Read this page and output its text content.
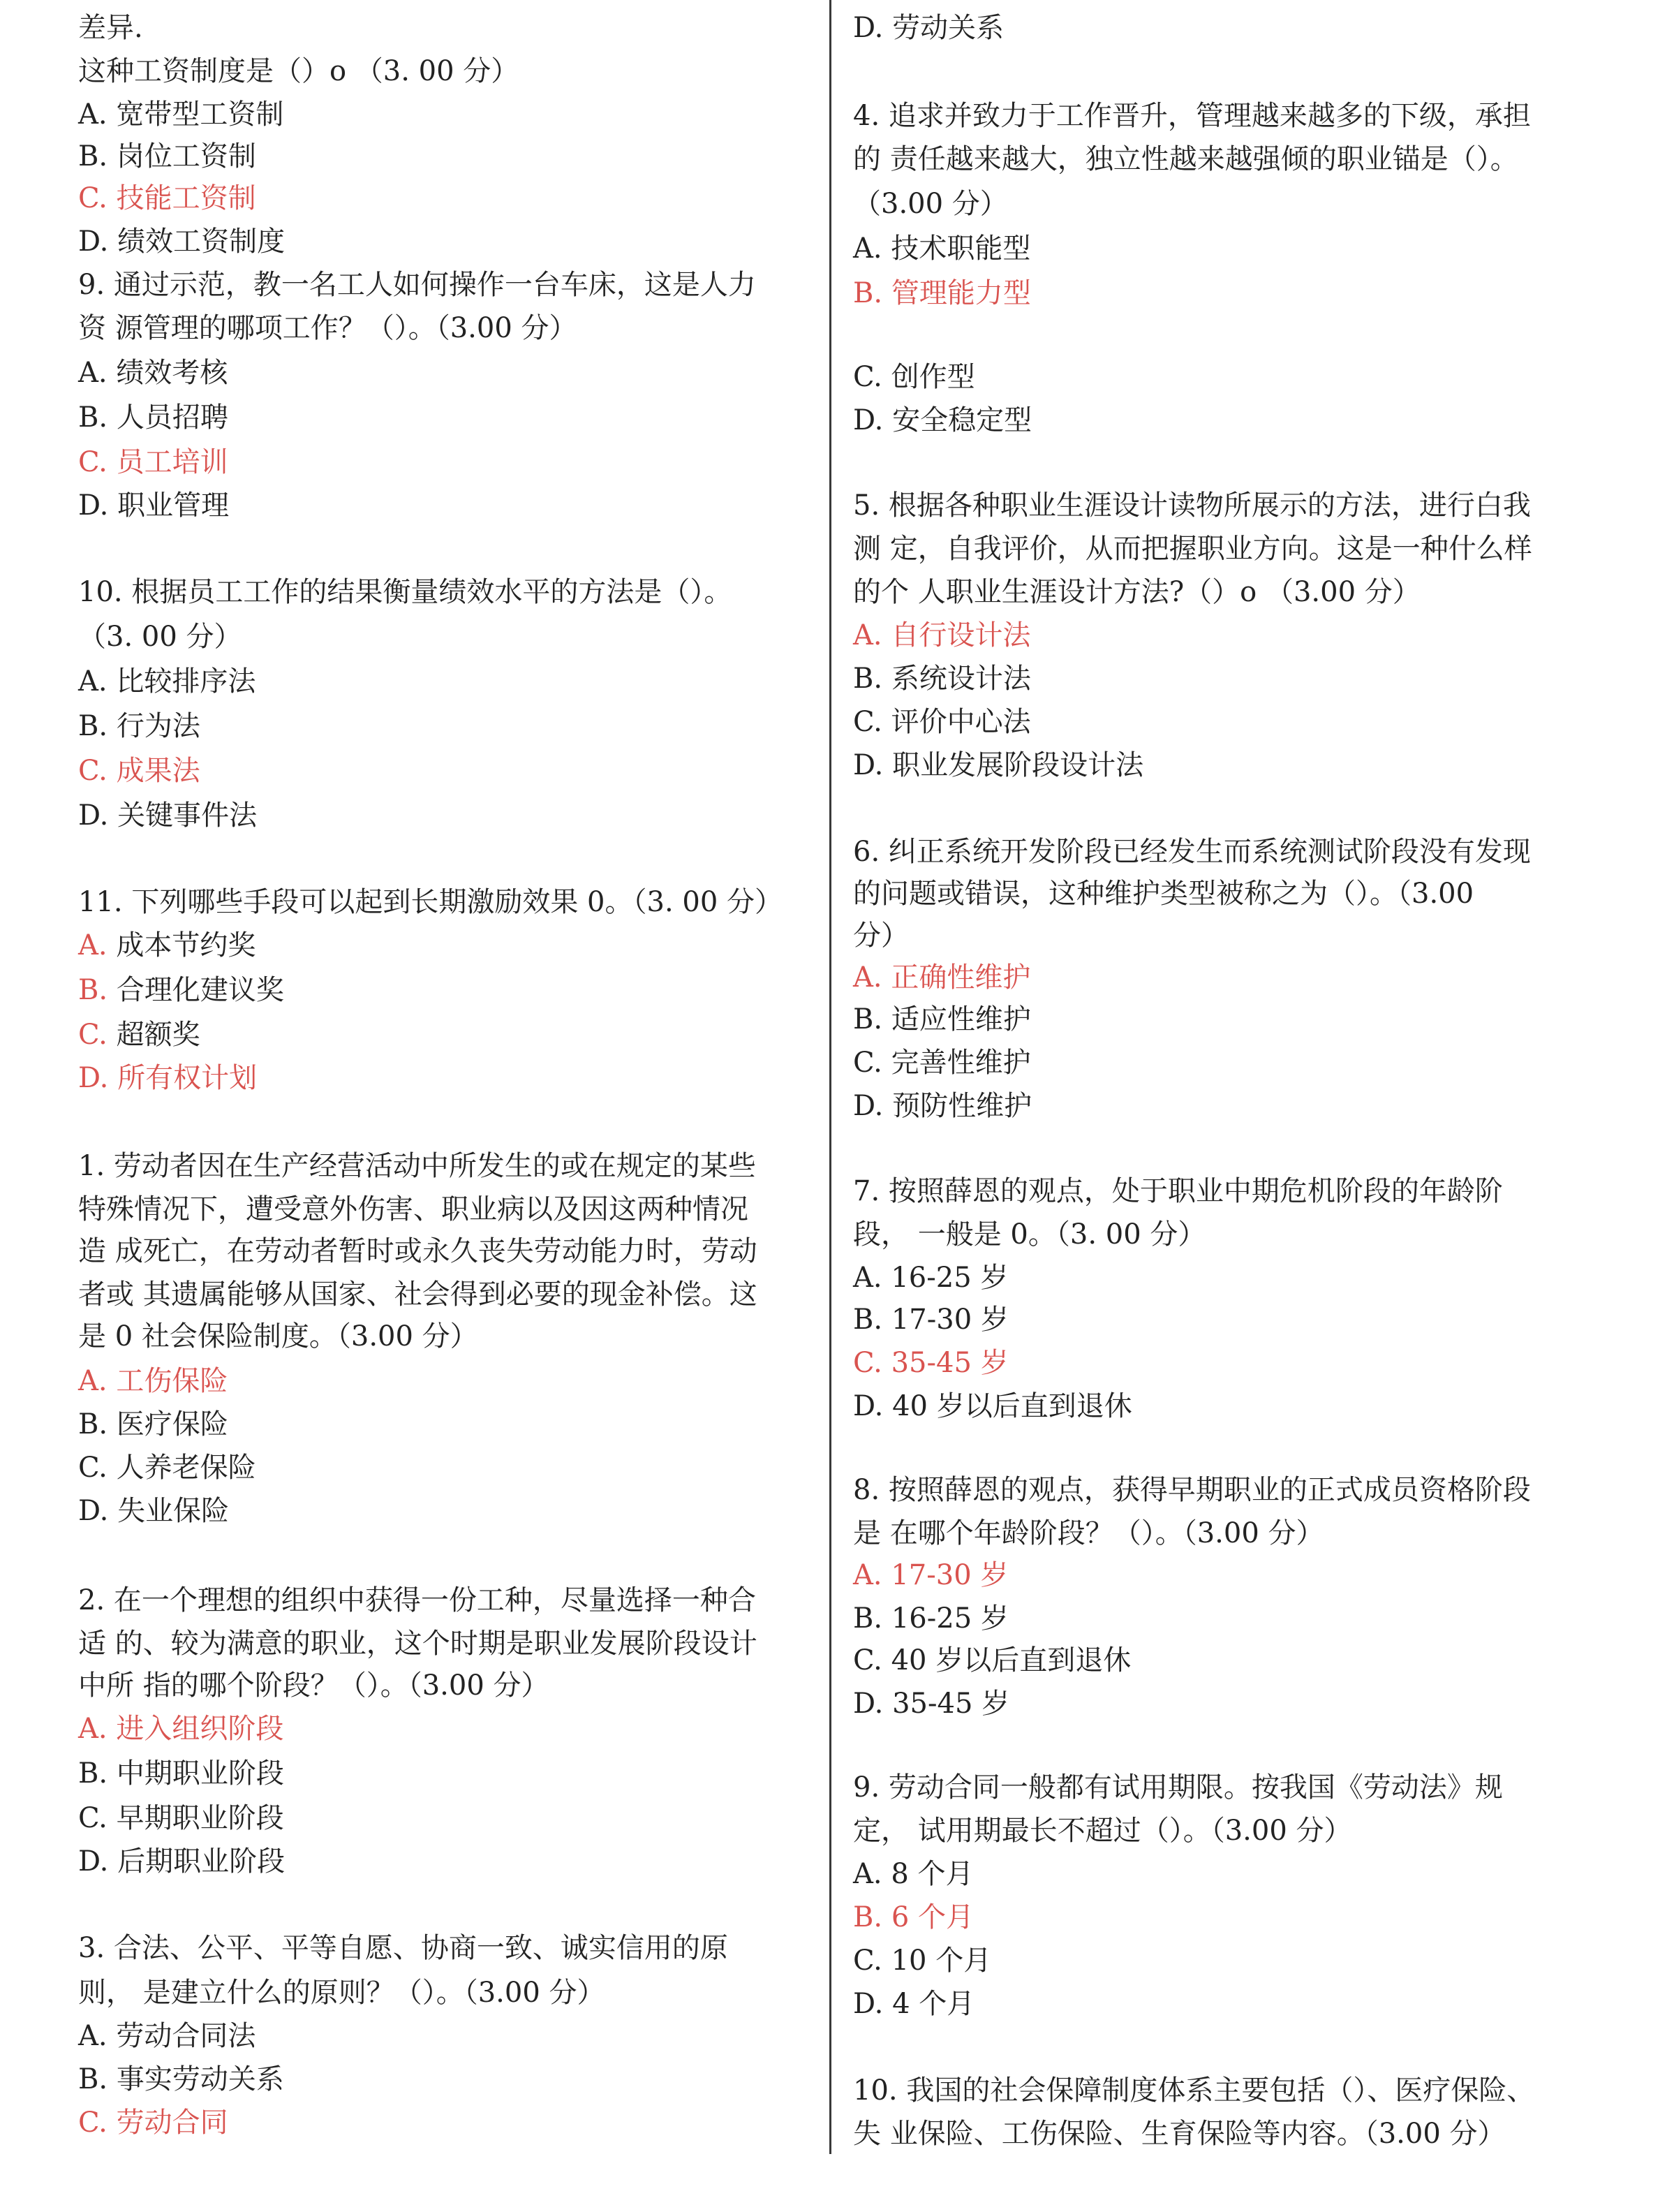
差异.
这种工资制度是（）o （3. 00 分）
A. 宽带型工资制
B. 岗位工资制
C. 技能工资制
D. 绩效工资制度
9. 通过示范，教一名工人如何操作一台车床，这是人力
资 源管理的哪项工作？（）。（3.00 分）
A. 绩效考核
B. 人员招聘
C. 员工培训
D. 职业管理
10. 根据员工工作的结果衡量绩效水平的方法是（）。
（3. 00 分）
A. 比较排序法
B. 行为法
C. 成果法
D. 关键事件法
11. 下列哪些手段可以起到长期激励效果 0。（3. 00 分）
A. 成本节约奖
B. 合理化建议奖
C. 超额奖
D. 所有权计划
1. 劳动者因在生产经营活动中所发生的或在规定的某些
特殊情况下，遭受意外伤害、职业病以及因这两种情况
造 成死亡，在劳动者暂时或永久丧失劳动能力时，劳动
者或 其遗属能够从国家、社会得到必要的现金补偿。这
是 0 社会保险制度。（3.00 分）
A. 工伤保险
B. 医疗保险
C. 人养老保险
D. 失业保险
2. 在一个理想的组织中获得一份工种，尽量选择一种合
适 的、较为满意的职业，这个时期是职业发展阶段设计
中所 指的哪个阶段？（）。（3.00 分）
A. 进入组织阶段
B. 中期职业阶段
C. 早期职业阶段
D. 后期职业阶段
3. 合法、公平、平等自愿、协商一致、诚实信用的原
则， 是建立什么的原则？（）。（3.00 分）
A. 劳动合同法
B. 事实劳动关系
C. 劳动合同
D. 劳动关系
4. 追求并致力于工作晋升，管理越来越多的下级，承担
的 责任越来越大，独立性越来越强倾的职业锚是（）。
（3.00 分）
A. 技术职能型
B. 管理能力型
C. 创作型
D. 安全稳定型
5. 根据各种职业生涯设计读物所展示的方法，进行白我
测 定，自我评价，从而把握职业方向。这是一种什么样
的个 人职业生涯设计方法?（）o （3.00 分）
A. 自行设计法
B. 系统设计法
C. 评价中心法
D. 职业发展阶段设计法
6. 纠正系统开发阶段已经发生而系统测试阶段没有发现
的问题或错误，这种维护类型被称之为（）。（3.00
分）
A. 正确性维护
B. 适应性维护
C. 完善性维护
D. 预防性维护
7. 按照薛恩的观点，处于职业中期危机阶段的年龄阶
段， 一般是 0。（3. 00 分）
A. 16-25 岁
B. 17-30 岁
C. 35-45 岁
D. 40 岁以后直到退休
8. 按照薛恩的观点，获得早期职业的正式成员资格阶段
是 在哪个年龄阶段？（）。（3.00 分）
A. 17-30 岁
B. 16-25 岁
C. 40 岁以后直到退休
D. 35-45 岁
9. 劳动合同一般都有试用期限。按我国《劳动法》规
定， 试用期最长不超过（）。（3.00 分）
A. 8 个月
B. 6 个月
C. 10 个月
D. 4 个月
10. 我国的社会保障制度体系主要包括（）、医疗保险、
失 业保险、工伤保险、生育保险等内容。（3.00 分）
